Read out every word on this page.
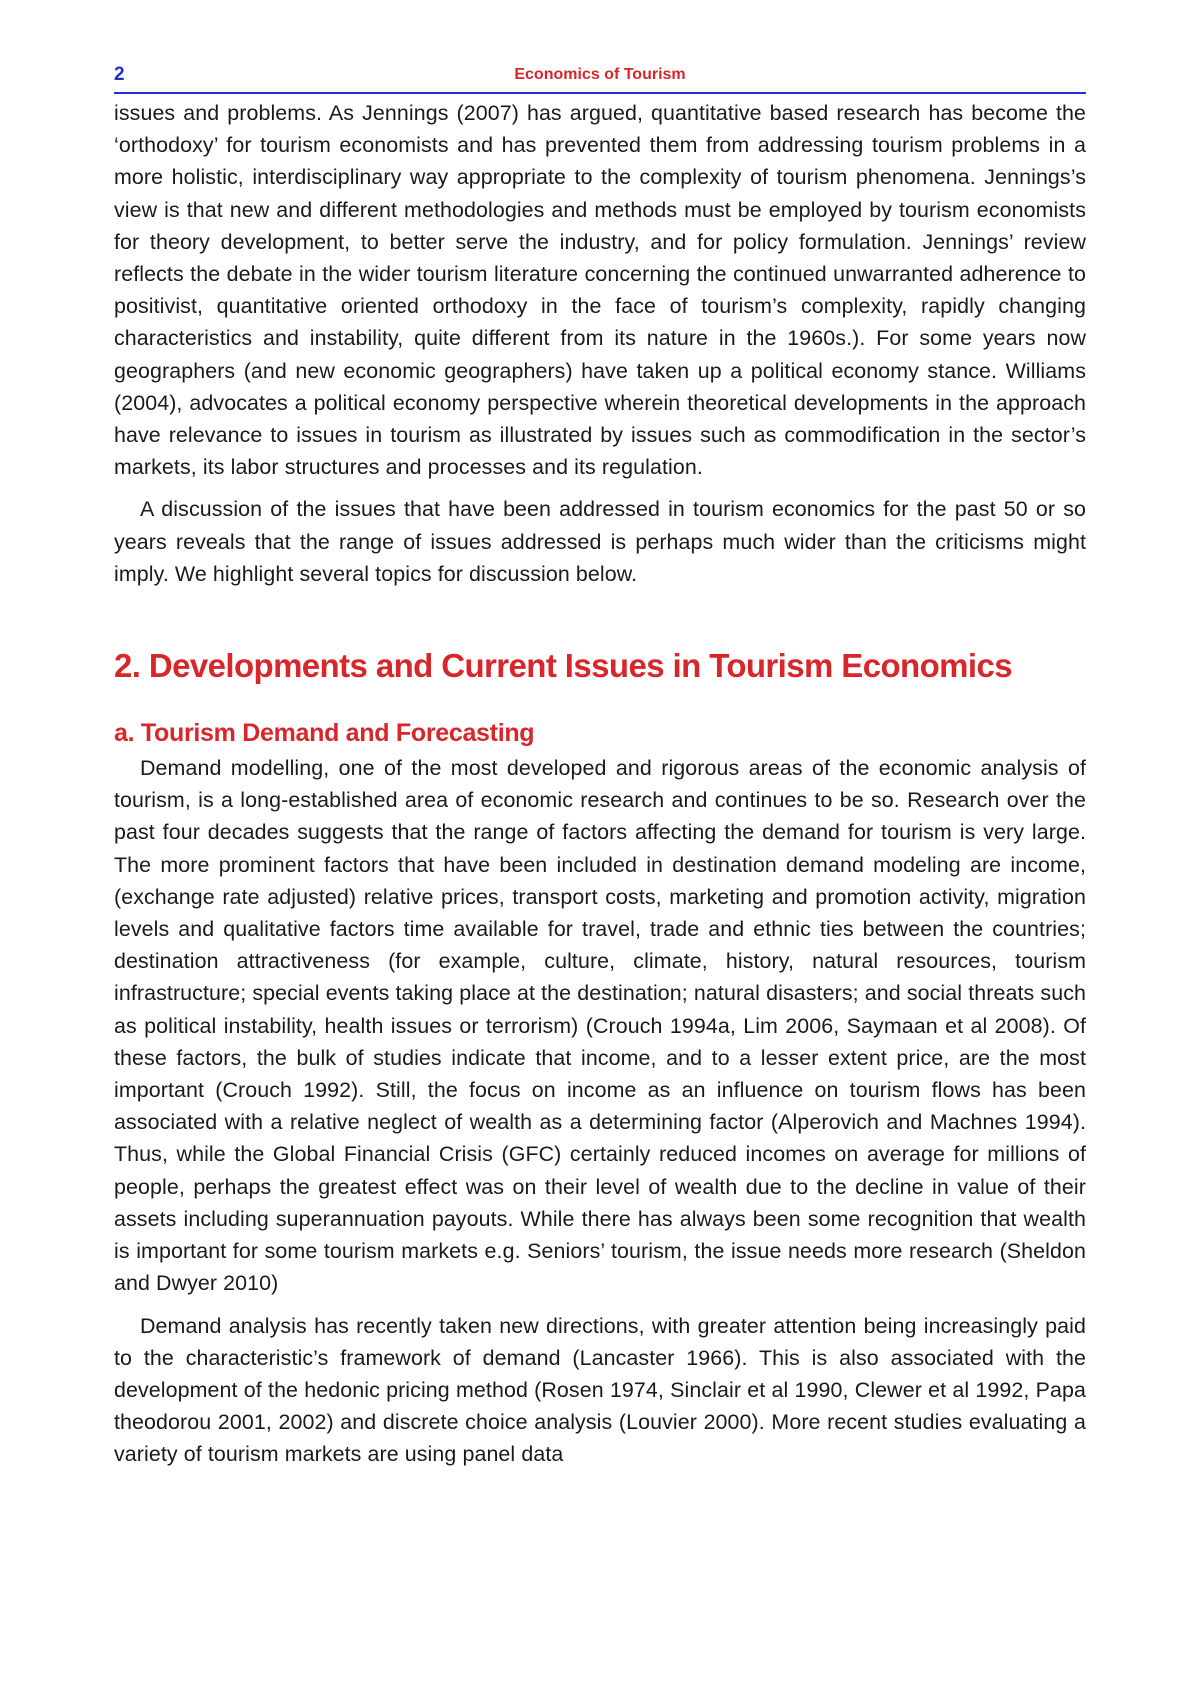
2	Economics of Tourism

issues and problems. As Jennings (2007) has argued, quantitative based research has become the ‘orthodoxy’ for tourism economists and has prevented them from addressing tourism problems in a more holistic, interdisciplinary way appropriate to the complexity of tourism phenomena. Jennings’s view is that new and different methodologies and methods must be employed by tourism economists for theory development, to better serve the industry, and for policy formulation. Jennings’ review reflects the debate in the wider tourism literature concerning the continued unwarranted adherence to positivist, quantitative oriented orthodoxy in the face of tourism’s complexity, rapidly changing characteristics and instability, quite different from its nature in the 1960s.). For some years now geographers (and new economic geographers) have taken up a political economy stance. Williams (2004), advocates a political economy perspective wherein theoretical developments in the approach have relevance to issues in tourism as illustrated by issues such as commodification in the sector’s markets, its labor structures and processes and its regulation.

A discussion of the issues that have been addressed in tourism economics for the past 50 or so years reveals that the range of issues addressed is perhaps much wider than the criticisms might imply. We highlight several topics for discussion below.

2. Developments and Current Issues in Tourism Economics
a. Tourism Demand and Forecasting

Demand modelling, one of the most developed and rigorous areas of the economic analysis of tourism, is a long-established area of economic research and continues to be so. Research over the past four decades suggests that the range of factors affecting the demand for tourism is very large. The more prominent factors that have been included in destination demand modeling are income, (exchange rate adjusted) relative prices, transport costs, marketing and promotion activity, migration levels and qualitative factors time available for travel, trade and ethnic ties between the countries; destination attractiveness (for example, culture, climate, history, natural resources, tourism infrastructure; special events taking place at the destination; natural disasters; and social threats such as political instability, health issues or terrorism) (Crouch 1994a, Lim 2006, Saymaan et al 2008). Of these factors, the bulk of studies indicate that income, and to a lesser extent price, are the most important (Crouch 1992). Still, the focus on income as an influence on tourism flows has been associated with a relative neglect of wealth as a determining factor (Alperovich and Machnes 1994). Thus, while the Global Financial Crisis (GFC) certainly reduced incomes on average for millions of people, perhaps the greatest effect was on their level of wealth due to the decline in value of their assets including superannuation payouts. While there has always been some recognition that wealth is important for some tourism markets e.g. Seniors’ tourism, the issue needs more research (Sheldon and Dwyer 2010)

Demand analysis has recently taken new directions, with greater attention being increasingly paid to the characteristic’s framework of demand (Lancaster 1966). This is also associated with the development of the hedonic pricing method (Rosen 1974, Sinclair et al 1990, Clewer et al 1992, Papa theodorou 2001, 2002) and discrete choice analysis (Louvier 2000). More recent studies evaluating a variety of tourism markets are using panel data
